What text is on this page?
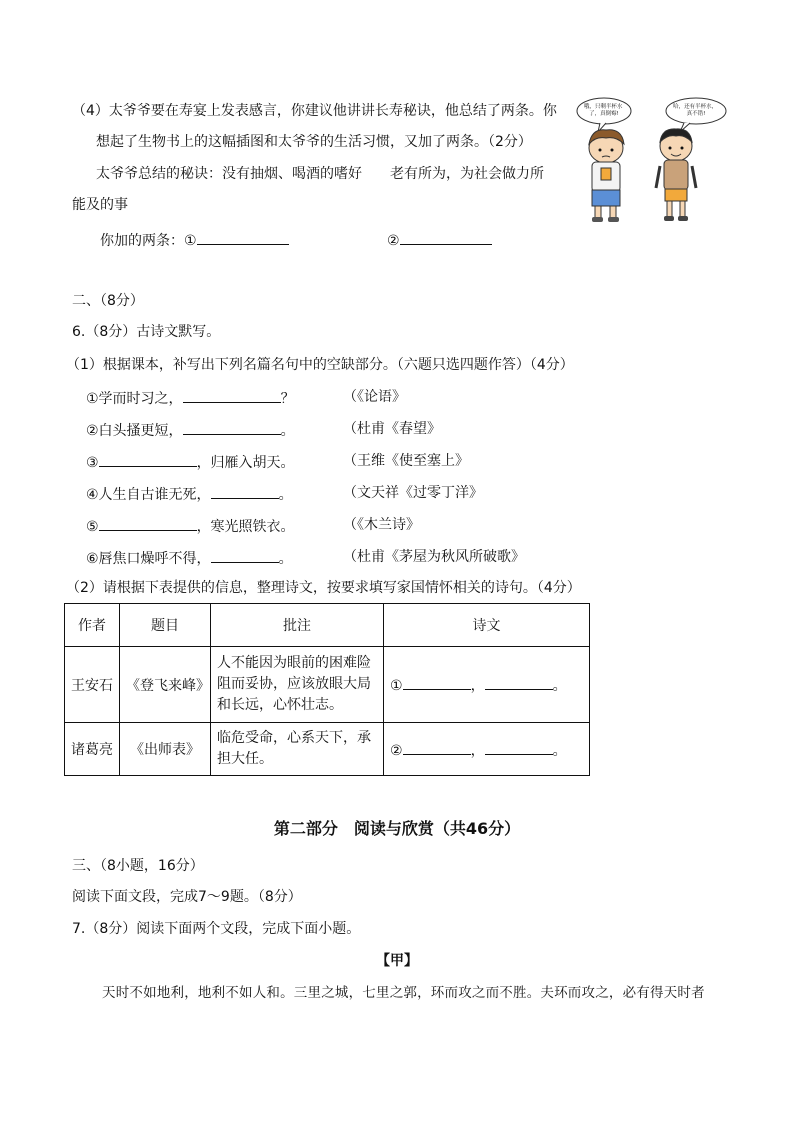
（4）太爷爷要在寿宴上发表感言，你建议他讲讲长寿秘诀，他总结了两条。你
想起了生物书上的这幅插图和太爷爷的生活习惯，又加了两条。（2分）
太爷爷总结的秘诀：没有抽烟、喝酒的嗜好　　老有所为，为社会做力所
能及的事
你加的两条：①	②
哦，只剩半杯水 了，真倒霉!
哈，还有半杯水， 真不错!
二、（8分）
6.（8分）古诗文默写。
（1）根据课本，补写出下列名篇名句中的空缺部分。（六题只选四题作答）（4分）
①学而时习之，	？	（《论语》
②白头搔更短，	。	（杜甫《春望》
③	，归雁入胡天。	（王维《使至塞上》
④人生自古谁无死，	。	（文天祥《过零丁洋》
⑤	，寒光照铁衣。	（《木兰诗》
⑥唇焦口燥呼不得，	。	（杜甫《茅屋为秋风所破歌》
（2）请根据下表提供的信息，整理诗文，按要求填写家国情怀相关的诗句。（4分）
作者	题目	批注	诗文
王安石	《登飞来峰》	人不能因为眼前的困难险阻而妥协，应该放眼大局和长远，心怀壮志。	① ， 。
诸葛亮	《出师表》	临危受命，心系天下，承担大任。	② ， 。
第二部分　阅读与欣赏（共46分）
三、（8小题，16分）
阅读下面文段，完成7～9题。（8分）
7.（8分）阅读下面两个文段，完成下面小题。
【甲】
天时不如地利，地利不如人和。三里之城，七里之郭，环而攻之而不胜。夫环而攻之，必有得天时者
